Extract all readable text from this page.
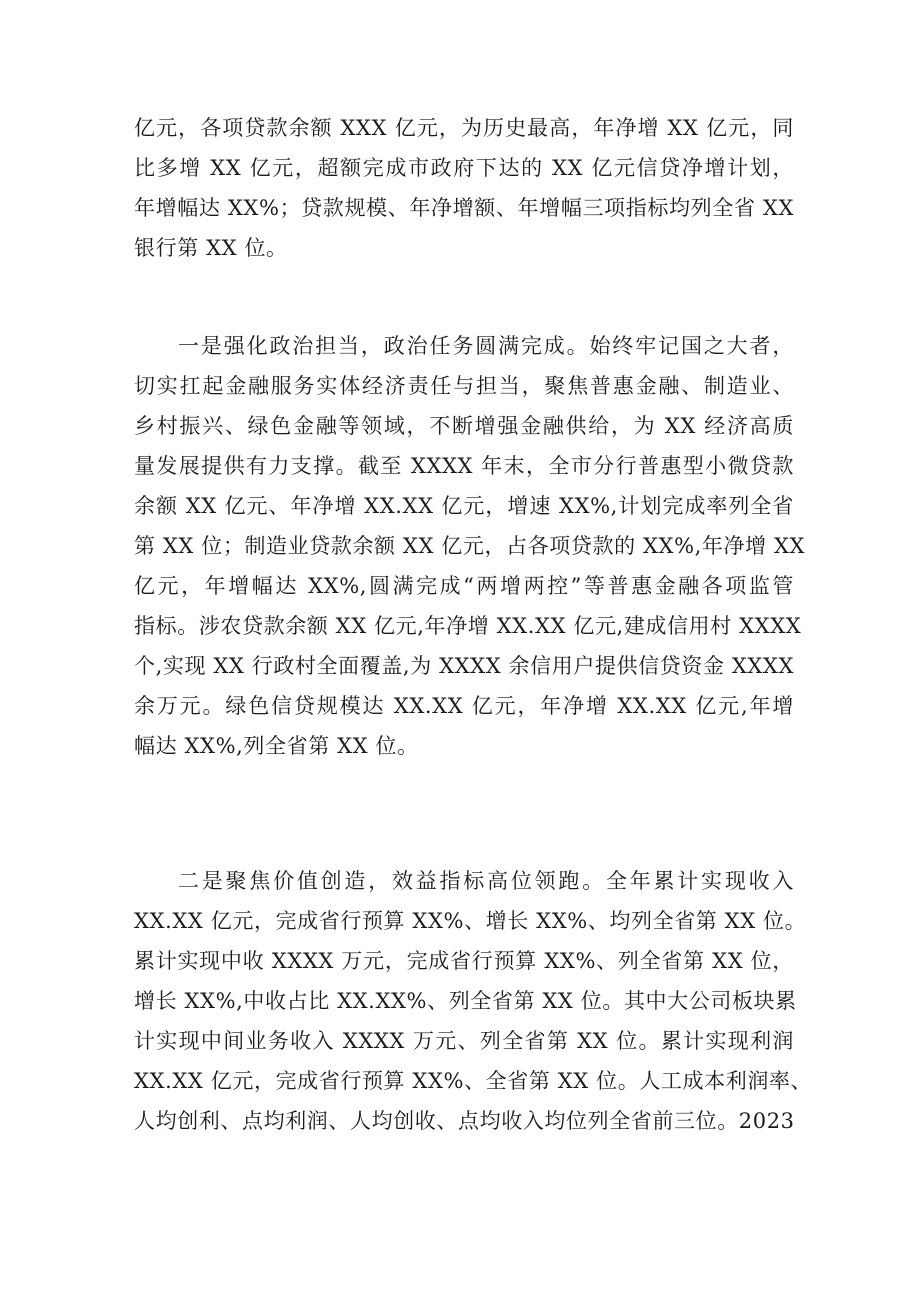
亿元，各项贷款余额 XXX 亿元，为历史最高，年净增 XX 亿元，同
比多增 XX 亿元，超额完成市政府下达的 XX 亿元信贷净增计划，
年增幅达 XX%；贷款规模、年净增额、年增幅三项指标均列全省 XX
银行第 XX 位。
一是强化政治担当，政治任务圆满完成。始终牢记国之大者，
切实扛起金融服务实体经济责任与担当，聚焦普惠金融、制造业、
乡村振兴、绿色金融等领域，不断增强金融供给，为 XX 经济高质
量发展提供有力支撑。截至 XXXX 年末，全市分行普惠型小微贷款
余额 XX 亿元、年净增 XX.XX 亿元，增速 XX%,计划完成率列全省
第 XX 位；制造业贷款余额 XX 亿元，占各项贷款的 XX%,年净增 XX
亿元，年增幅达 XX%,圆满完成“两增两控”等普惠金融各项监管
指标。涉农贷款余额 XX 亿元,年净增 XX.XX 亿元,建成信用村 XXXX
个,实现 XX 行政村全面覆盖,为 XXXX 余信用户提供信贷资金 XXXX
余万元。绿色信贷规模达 XX.XX 亿元，年净增 XX.XX 亿元,年增
幅达 XX%,列全省第 XX 位。
二是聚焦价值创造，效益指标高位领跑。全年累计实现收入
XX.XX 亿元，完成省行预算 XX%、增长 XX%、均列全省第 XX 位。
累计实现中收 XXXX 万元，完成省行预算 XX%、列全省第 XX 位，
增长 XX%,中收占比 XX.XX%、列全省第 XX 位。其中大公司板块累
计实现中间业务收入 XXXX 万元、列全省第 XX 位。累计实现利润
XX.XX 亿元，完成省行预算 XX%、全省第 XX 位。人工成本利润率、
人均创利、点均利润、人均创收、点均收入均位列全省前三位。2023
